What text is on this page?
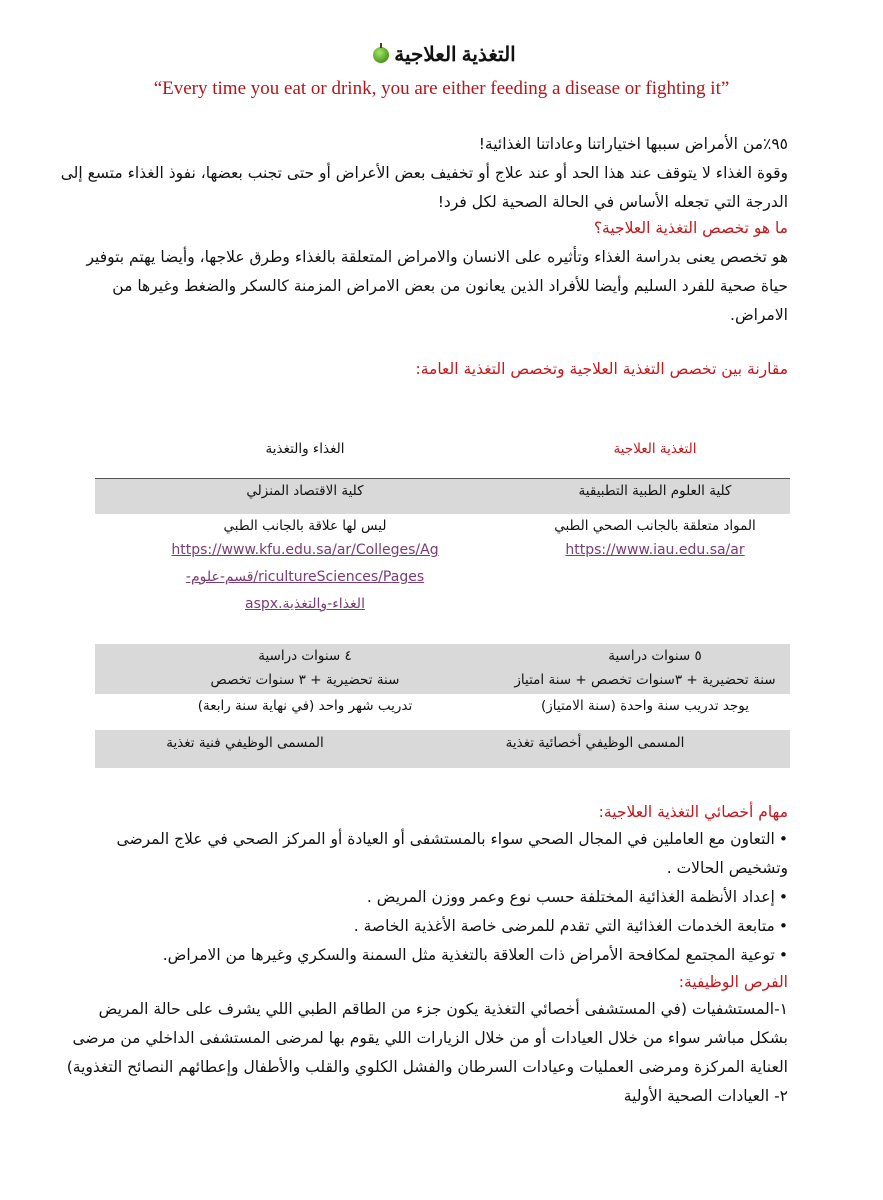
التغذية العلاجية
“Every time you eat or drink, you are either feeding a disease or fighting it”
٩٥٪من الأمراض سببها اختياراتنا وعاداتنا الغذائية!
وقوة الغذاء لا يتوقف عند هذا الحد أو عند علاج أو تخفيف بعض الأعراض أو حتى تجنب بعضها، نفوذ الغذاء متسع إلى
الدرجة التي تجعله الأساس في الحالة الصحية لكل فرد!
ما هو تخصص التغذية العلاجية؟
هو تخصص يعنى بدراسة الغذاء وتأثيره على الانسان والامراض المتعلقة بالغذاء وطرق علاجها، وأيضا يهتم بتوفير
حياة صحية للفرد السليم وأيضا للأفراد الذين يعانون من بعض الامراض المزمنة كالسكر والضغط وغيرها من
الامراض.
مقارنة بين تخصص التغذية العلاجية وتخصص التغذية العامة:
التغذية العلاجية
الغذاء والتغذية
كلية العلوم الطبية التطبيقية
كلية الاقتصاد المنزلي
المواد متعلقة بالجانب الصحي الطبي
https://www.iau.edu.sa/ar
ليس لها علاقة بالجانب الطبي
https://www.kfu.edu.sa/ar/Colleges/Ag
ricultureSciences/Pages/قسم-علوم-
الغذاء-والتغذية.aspx
٥ سنوات دراسية
سنة تحضيرية + ٣سنوات تخصص + سنة امتياز
٤ سنوات دراسية
سنة تحضيرية + ٣ سنوات تخصص
يوجد تدريب سنة واحدة (سنة الامتياز)
تدريب شهر واحد (في نهاية سنة رابعة)
المسمى الوظيفي أخصائية تغذية
المسمى الوظيفي فنية تغذية
مهام أخصائي التغذية العلاجية:
•التعاون مع العاملين في المجال الصحي سواء بالمستشفى أو العيادة أو المركز الصحي في علاج المرضى
وتشخيص الحالات .
•إعداد الأنظمة الغذائية المختلفة حسب نوع وعمر ووزن المريض .
•متابعة الخدمات الغذائية التي تقدم للمرضى خاصة الأغذية الخاصة .
•توعية المجتمع لمكافحة الأمراض ذات العلاقة بالتغذية مثل السمنة والسكري وغيرها من الامراض.
الفرص الوظيفية:
١-المستشفيات (في المستشفى أخصائي التغذية يكون جزء من الطاقم الطبي اللي يشرف على حالة المريض
بشكل مباشر سواء من خلال العيادات أو من خلال الزيارات اللي يقوم بها لمرضى المستشفى الداخلي من مرضى
العناية المركزة ومرضى العمليات وعيادات السرطان والفشل الكلوي والقلب والأطفال وإعطائهم النصائح التغذوية)
٢- العيادات الصحية الأولية
